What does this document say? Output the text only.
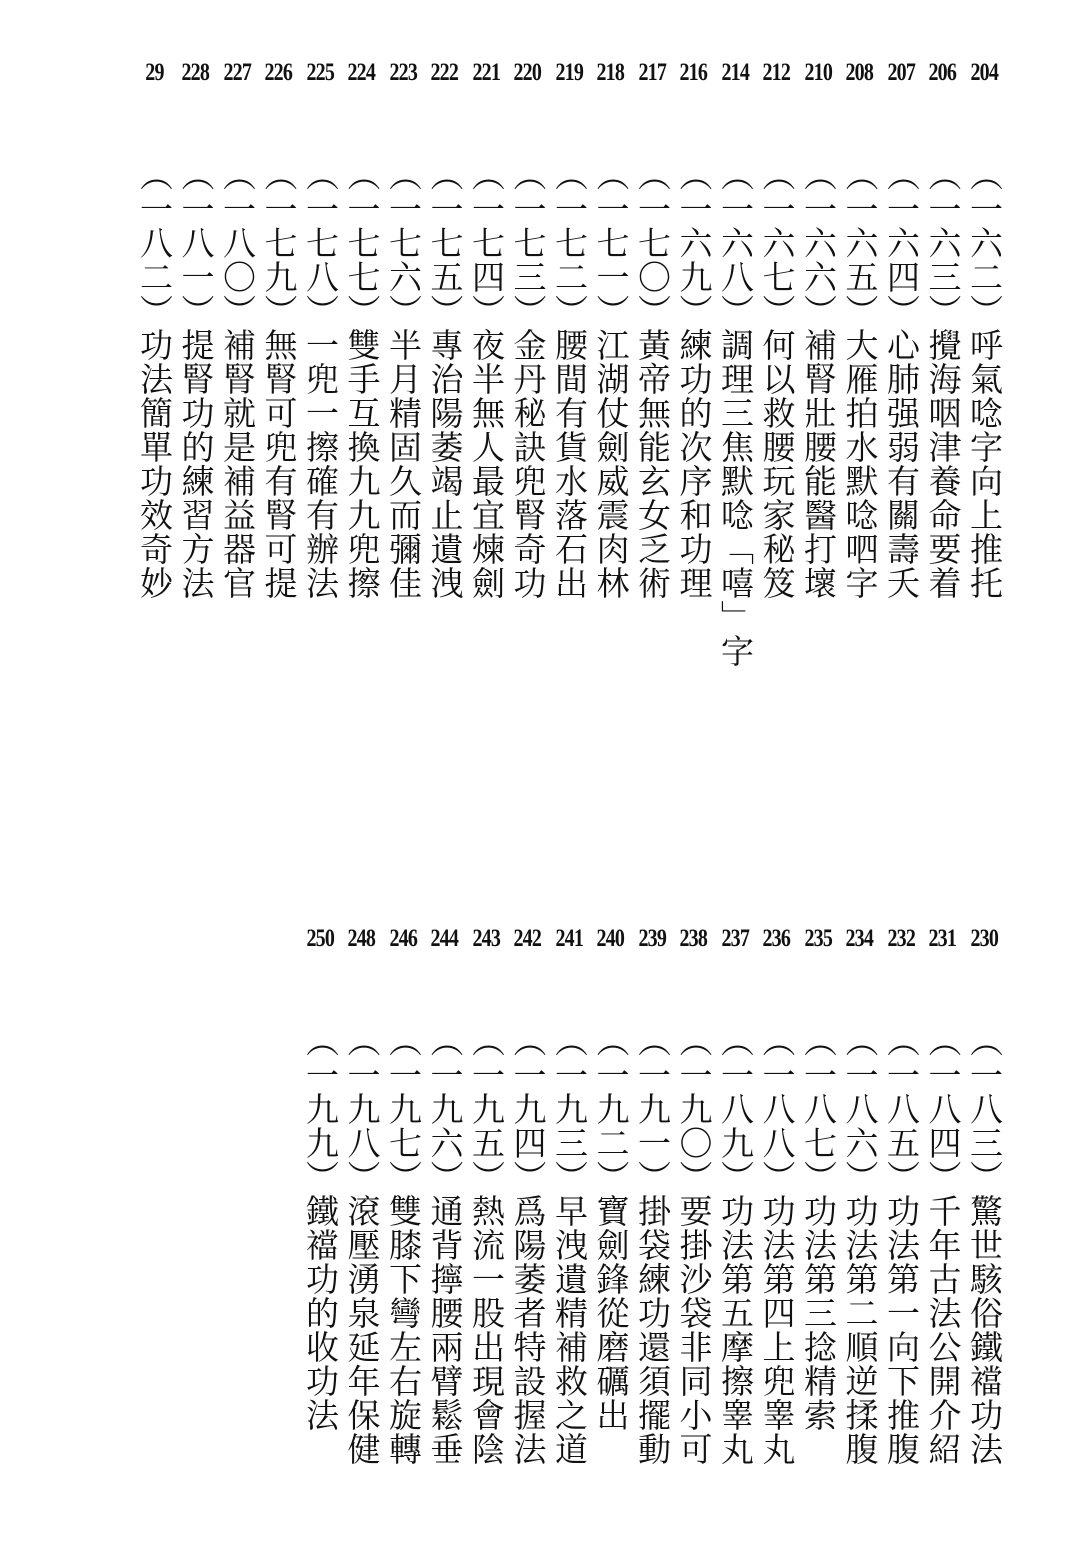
204
︵一六二︶呼氣唸字向上推托
206
︵一六三︶攪海咽津養命要着
207
︵一六四︶心肺强弱有關壽夭
208
︵一六五︶大雁拍水默唸呬字
210
︵一六六︶補腎壯腰能醫打壞
212
︵一六七︶何以救腰玩家秘笈
214
︵一六八︶調理三焦默唸「嘻」字
216
︵一六九︶練功的次序和功理
217
︵一七〇︶黃帝無能玄女乏術
218
︵一七一︶江湖仗劍威震肉林
219
︵一七二︶腰間有貨水落石出
220
︵一七三︶金丹秘訣兜腎奇功
221
︵一七四︶夜半無人最宜煉劍
222
︵一七五︶專治陽萎竭止遺洩
223
︵一七六︶半月精固久而彌佳
224
︵一七七︶雙手互換九九兜擦
225
︵一七八︶一兜一擦確有辦法
226
︵一七九︶無腎可兜有腎可提
227
︵一八〇︶補腎就是補益器官
228
︵一八一︶提腎功的練習方法
29
︵一八二︶功法簡單功效奇妙
230
︵一八三︶驚世駭俗鐵襠功法
231
︵一八四︶千年古法公開介紹
232
︵一八五︶功法第一向下推腹
234
︵一八六︶功法第二順逆揉腹
235
︵一八七︶功法第三捻精索
236
︵一八八︶功法第四上兜睾丸
237
︵一八九︶功法第五摩擦睾丸
238
︵一九〇︶要掛沙袋非同小可
239
︵一九一︶掛袋練功還須擺動
240
︵一九二︶寶劍鋒從磨礪出
241
︵一九三︶早洩遺精補救之道
242
︵一九四︶爲陽萎者特設握法
243
︵一九五︶熱流一股出現會陰
244
︵一九六︶通背擰腰兩臂鬆垂
246
︵一九七︶雙膝下彎左右旋轉
248
︵一九八︶滾壓湧泉延年保健
250
︵一九九︶鐵襠功的收功法
